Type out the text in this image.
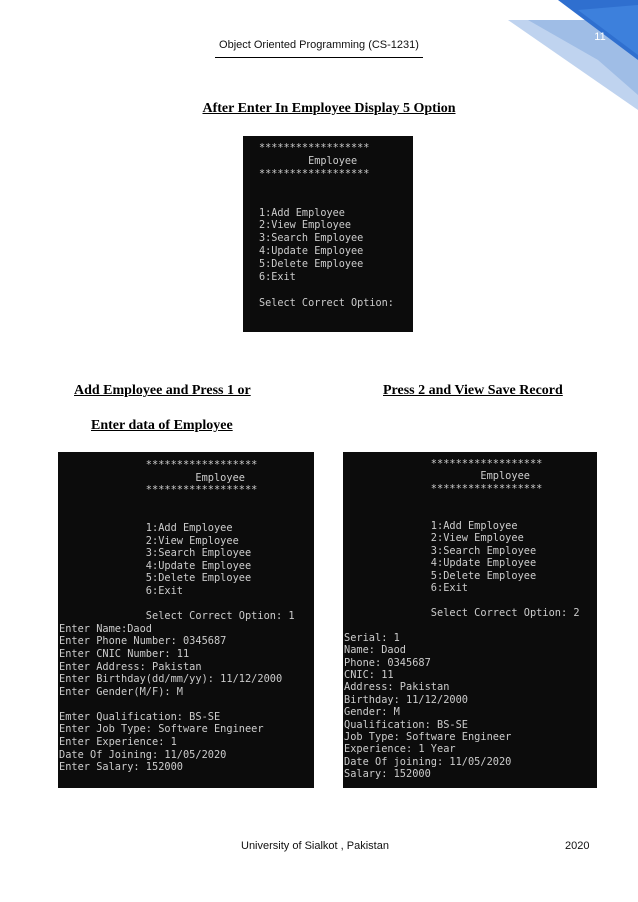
11
Object Oriented Programming (CS-1231)
After Enter In Employee Display 5 Option
******************
Employee
******************

1:Add Employee
2:View Employee
3:Search Employee
4:Update Employee
5:Delete Employee
6:Exit

Select Correct Option:

Add Employee and Press 1 or
Enter data of Employee
Press 2 and View Save Record
******************
Employee
******************

1:Add Employee
2:View Employee
3:Search Employee
4:Update Employee
5:Delete Employee
6:Exit

Select Correct Option: 1
Enter Name:Daod
Enter Phone Number: 0345687
Enter CNIC Number: 11
Enter Address: Pakistan
Enter Birthday(dd/mm/yy): 11/12/2000
Enter Gender(M/F): M

Emter Qualification: BS-SE
Enter Job Type: Software Engineer
Enter Experience: 1
Date Of Joining: 11/05/2020
Enter Salary: 152000

******************
Employee
******************

1:Add Employee
2:View Employee
3:Search Employee
4:Update Employee
5:Delete Employee
6:Exit

Select Correct Option: 2

Serial: 1
Name: Daod
Phone: 0345687
CNIC: 11
Address: Pakistan
Birthday: 11/12/2000
Gender: M
Qualification: BS-SE
Job Type: Software Engineer
Experience: 1 Year
Date Of joining: 11/05/2020
Salary: 152000

University of Sialkot , Pakistan	2020
